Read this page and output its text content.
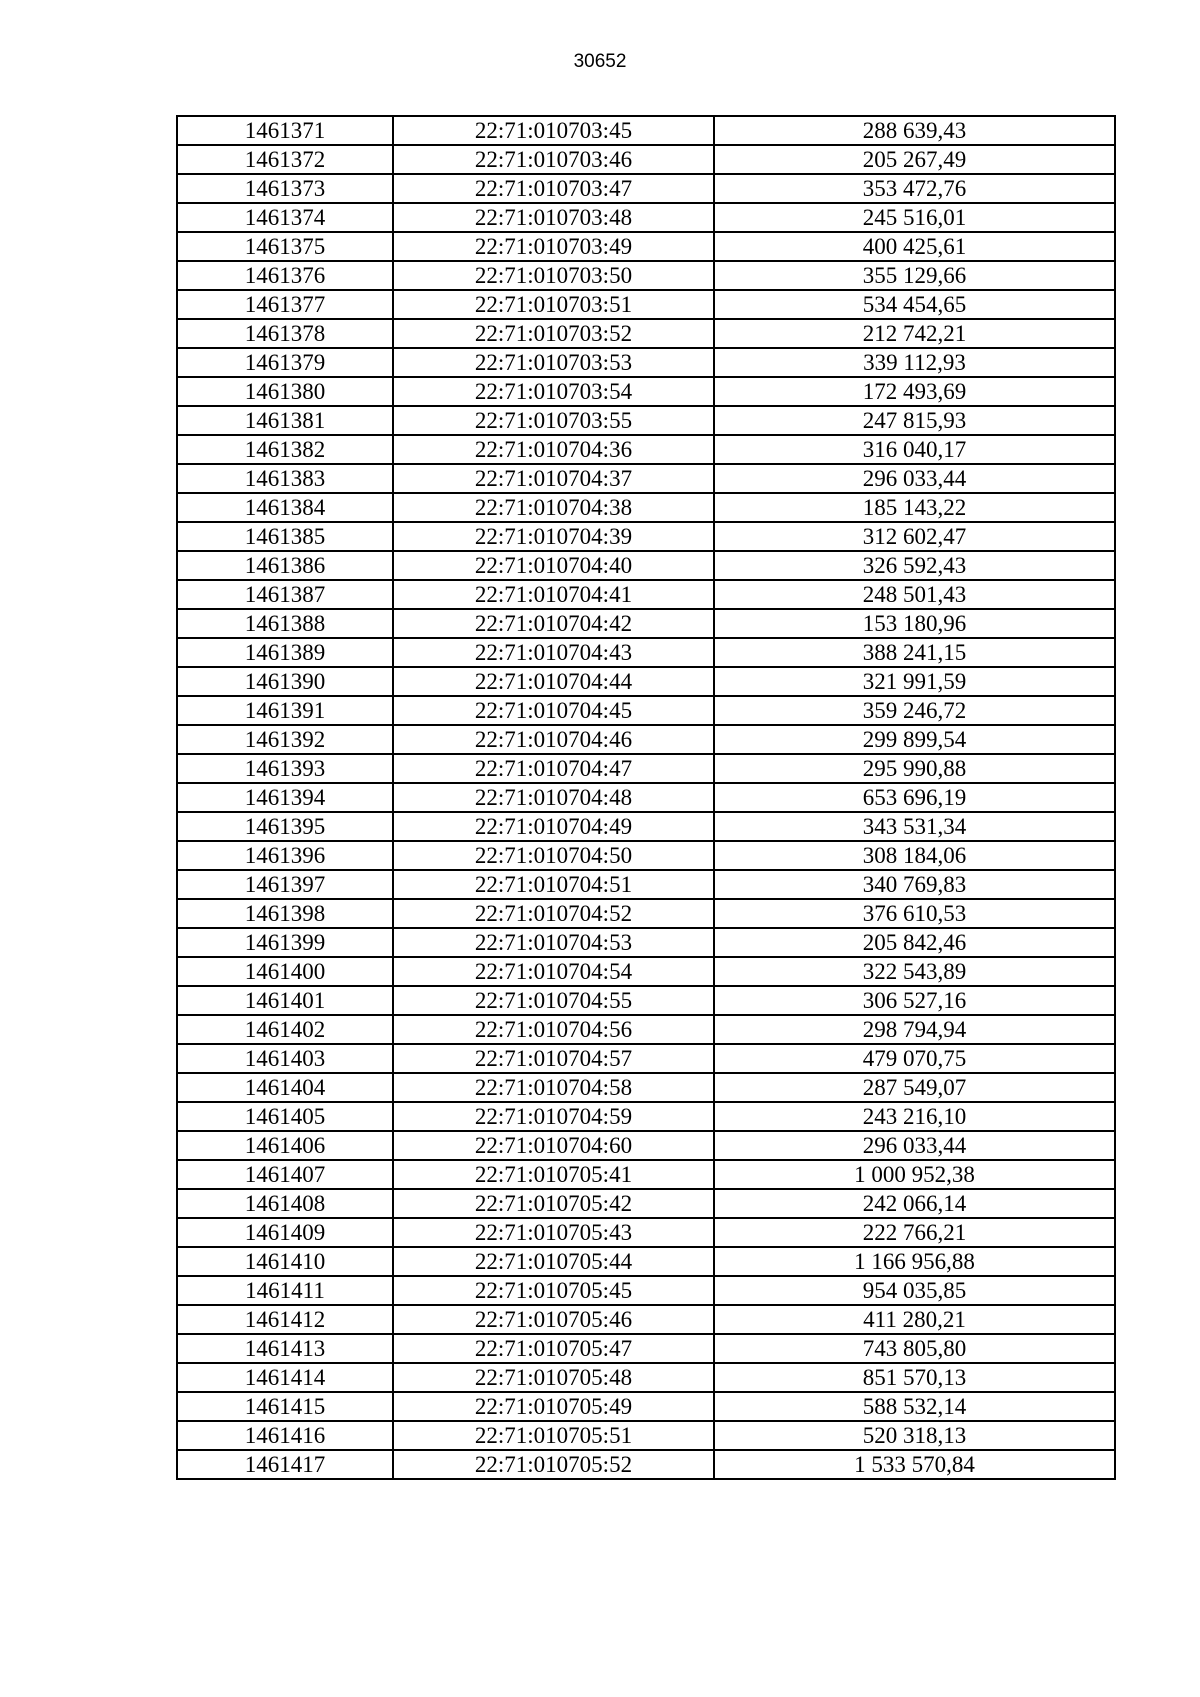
30652
1461371	22:71:010703:45	288 639,43
1461372	22:71:010703:46	205 267,49
1461373	22:71:010703:47	353 472,76
1461374	22:71:010703:48	245 516,01
1461375	22:71:010703:49	400 425,61
1461376	22:71:010703:50	355 129,66
1461377	22:71:010703:51	534 454,65
1461378	22:71:010703:52	212 742,21
1461379	22:71:010703:53	339 112,93
1461380	22:71:010703:54	172 493,69
1461381	22:71:010703:55	247 815,93
1461382	22:71:010704:36	316 040,17
1461383	22:71:010704:37	296 033,44
1461384	22:71:010704:38	185 143,22
1461385	22:71:010704:39	312 602,47
1461386	22:71:010704:40	326 592,43
1461387	22:71:010704:41	248 501,43
1461388	22:71:010704:42	153 180,96
1461389	22:71:010704:43	388 241,15
1461390	22:71:010704:44	321 991,59
1461391	22:71:010704:45	359 246,72
1461392	22:71:010704:46	299 899,54
1461393	22:71:010704:47	295 990,88
1461394	22:71:010704:48	653 696,19
1461395	22:71:010704:49	343 531,34
1461396	22:71:010704:50	308 184,06
1461397	22:71:010704:51	340 769,83
1461398	22:71:010704:52	376 610,53
1461399	22:71:010704:53	205 842,46
1461400	22:71:010704:54	322 543,89
1461401	22:71:010704:55	306 527,16
1461402	22:71:010704:56	298 794,94
1461403	22:71:010704:57	479 070,75
1461404	22:71:010704:58	287 549,07
1461405	22:71:010704:59	243 216,10
1461406	22:71:010704:60	296 033,44
1461407	22:71:010705:41	1 000 952,38
1461408	22:71:010705:42	242 066,14
1461409	22:71:010705:43	222 766,21
1461410	22:71:010705:44	1 166 956,88
1461411	22:71:010705:45	954 035,85
1461412	22:71:010705:46	411 280,21
1461413	22:71:010705:47	743 805,80
1461414	22:71:010705:48	851 570,13
1461415	22:71:010705:49	588 532,14
1461416	22:71:010705:51	520 318,13
1461417	22:71:010705:52	1 533 570,84
